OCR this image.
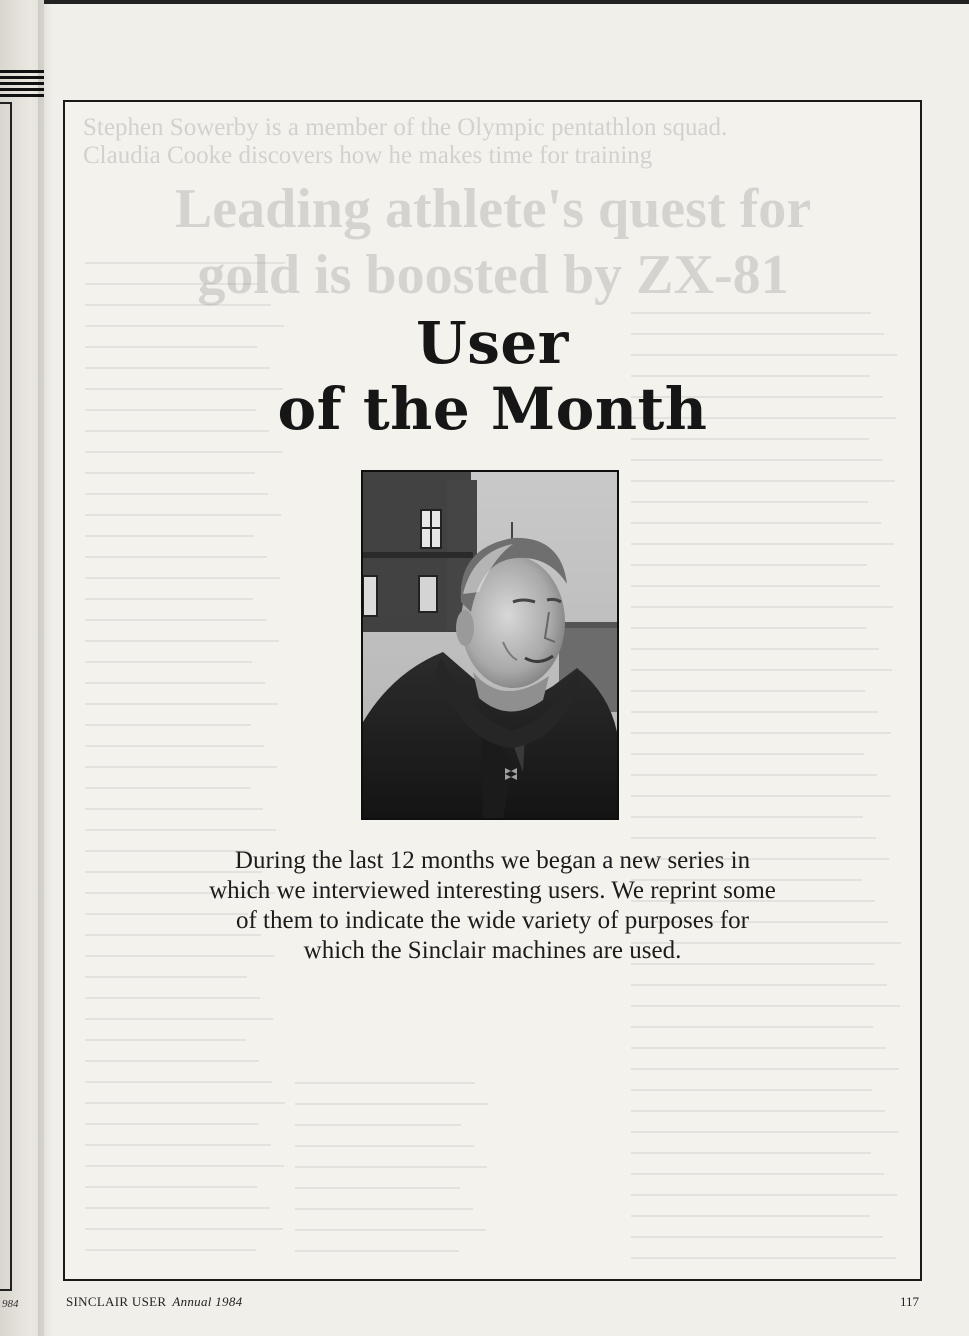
984
Stephen Sowerby is a member of the Olympic pentathlon squad.
Claudia Cooke discovers how he makes time for training
Leading athlete's quest for
gold is boosted by ZX-81
User
of the Month
During the last 12 months we began a new series in which we interviewed interesting users. We reprint some of them to indicate the wide variety of purposes for which the Sinclair machines are used.
SINCLAIR USER Annual 1984	117
